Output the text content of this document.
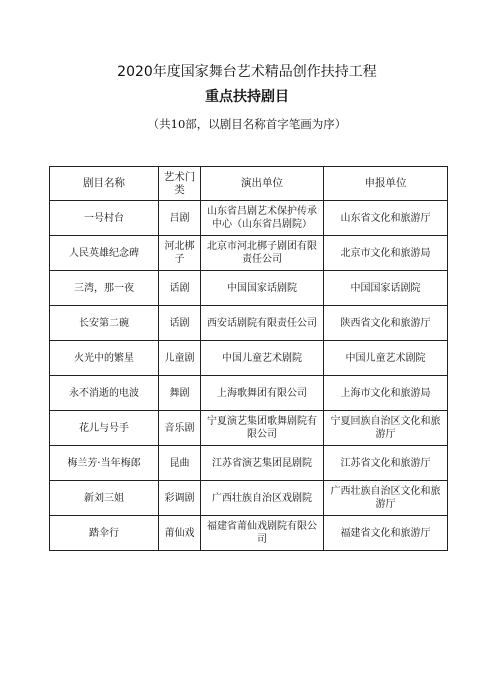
2020年度国家舞台艺术精品创作扶持工程
重点扶持剧目
（共10部，以剧目名称首字笔画为序）
剧目名称	艺术门类	演出单位	申报单位
一号村台	吕剧	山东省吕剧艺术保护传承中心（山东省吕剧院）	山东省文化和旅游厅
人民英雄纪念碑	河北梆子	北京市河北梆子剧团有限责任公司	北京市文化和旅游局
三湾，那一夜	话剧	中国国家话剧院	中国国家话剧院
长安第二碗	话剧	西安话剧院有限责任公司	陕西省文化和旅游厅
火光中的繁星	儿童剧	中国儿童艺术剧院	中国儿童艺术剧院
永不消逝的电波	舞剧	上海歌舞团有限公司	上海市文化和旅游局
花儿与号手	音乐剧	宁夏演艺集团歌舞剧院有限公司	宁夏回族自治区文化和旅游厅
梅兰芳·当年梅郎	昆曲	江苏省演艺集团昆剧院	江苏省文化和旅游厅
新刘三姐	彩调剧	广西壮族自治区戏剧院	广西壮族自治区文化和旅游厅
踏伞行	莆仙戏	福建省莆仙戏剧院有限公司	福建省文化和旅游厅
